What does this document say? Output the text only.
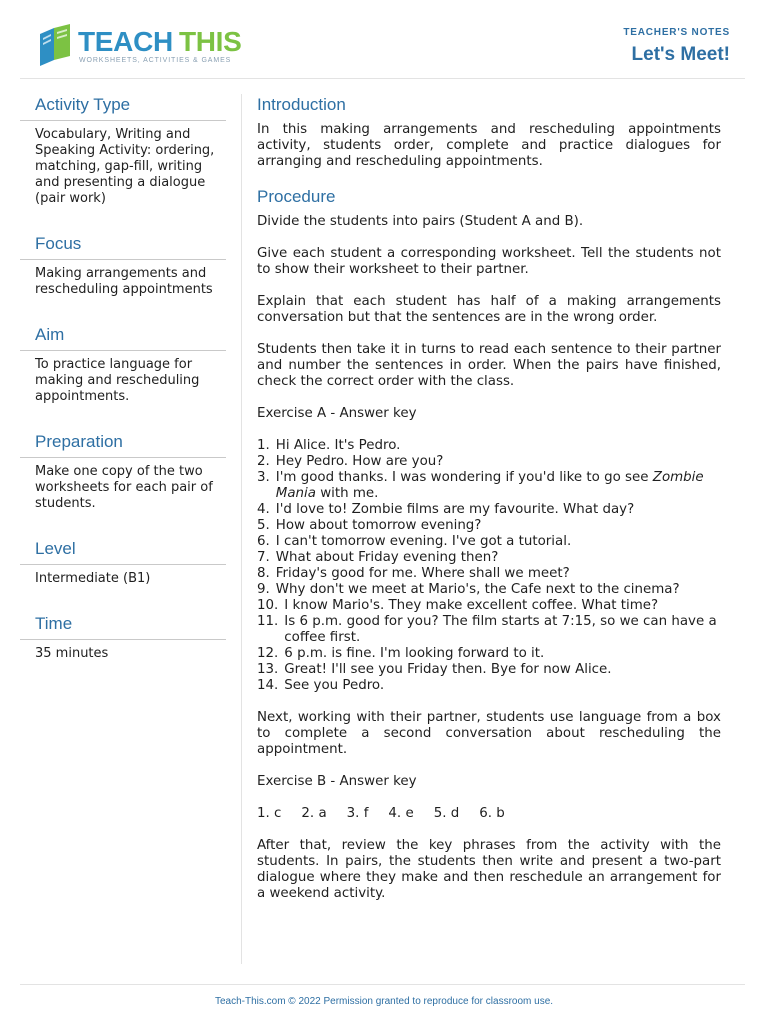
TEACH THIS
WORKSHEETS, ACTIVITIES & GAMES
TEACHER'S NOTES
Let's Meet!
Activity Type

Vocabulary, Writing and Speaking Activity: ordering, matching, gap-fill, writing and presenting a dialogue (pair work)

Focus

Making arrangements and rescheduling appointments

Aim

To practice language for making and rescheduling appointments.

Preparation

Make one copy of the two worksheets for each pair of students.

Level

Intermediate (B1)

Time

35 minutes

Introduction

In this making arrangements and rescheduling appointments activity, students order, complete and practice dialogues for arranging and rescheduling appointments.

Procedure

Divide the students into pairs (Student A and B).

Give each student a corresponding worksheet. Tell the students not to show their worksheet to their partner.

Explain that each student has half of a making arrangements conversation but that the sentences are in the wrong order.

Students then take it in turns to read each sentence to their partner and number the sentences in order. When the pairs have finished, check the correct order with the class.

Exercise A - Answer key

1. Hi Alice. It's Pedro.
2. Hey Pedro. How are you?
3. I'm good thanks. I was wondering if you'd like to go see Zombie Mania with me.
4. I'd love to! Zombie films are my favourite. What day?
5. How about tomorrow evening?
6. I can't tomorrow evening. I've got a tutorial.
7. What about Friday evening then?
8. Friday's good for me. Where shall we meet?
9. Why don't we meet at Mario's, the Cafe next to the cinema?
10. I know Mario's. They make excellent coffee. What time?
11. Is 6 p.m. good for you? The film starts at 7:15, so we can have a coffee first.
12. 6 p.m. is fine. I'm looking forward to it.
13. Great! I'll see you Friday then. Bye for now Alice.
14. See you Pedro.

Next, working with their partner, students use language from a box to complete a second conversation about rescheduling the appointment.

Exercise B - Answer key

1. c 2. a 3. f 4. e 5. d 6. b

After that, review the key phrases from the activity with the students. In pairs, the students then write and present a two-part dialogue where they make and then reschedule an arrangement for a weekend activity.

Teach-This.com © 2022 Permission granted to reproduce for classroom use.
